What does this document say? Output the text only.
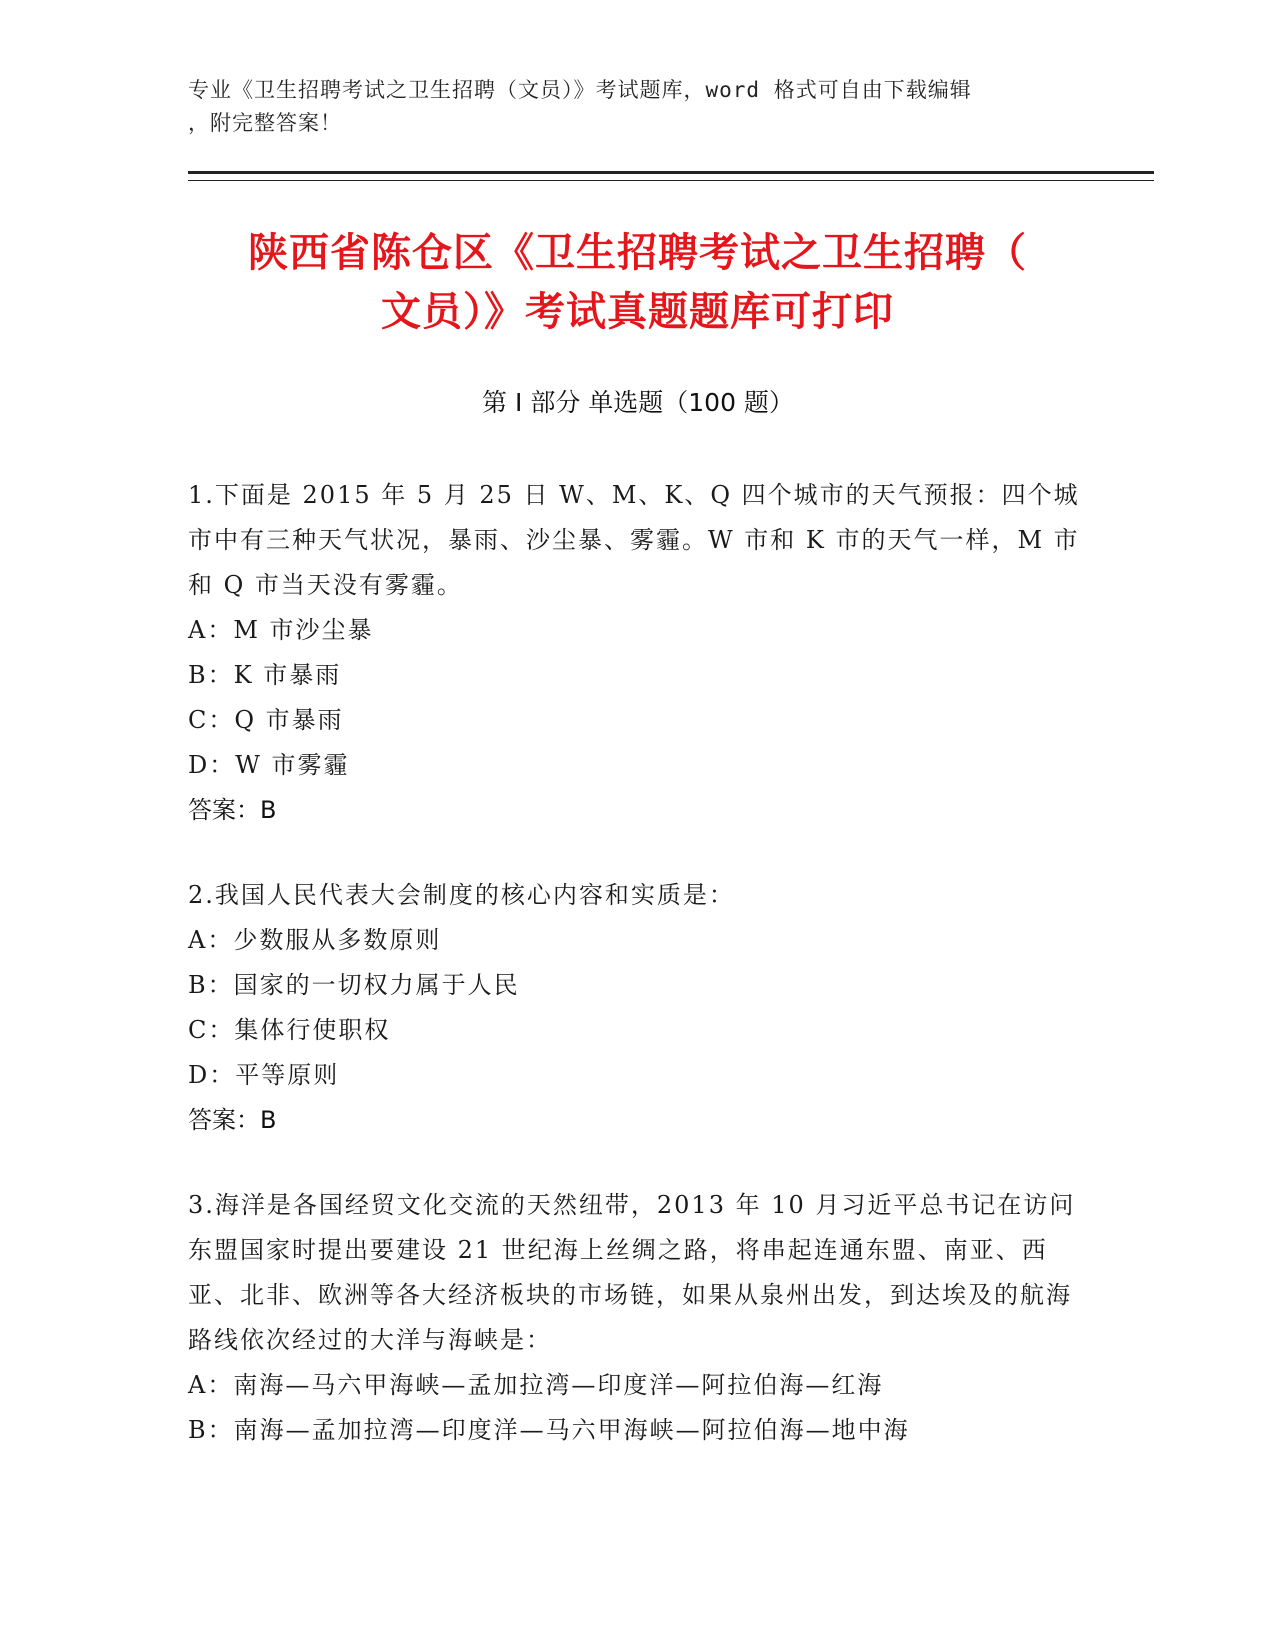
专业《卫生招聘考试之卫生招聘（文员）》考试题库，word 格式可自由下载编辑
，附完整答案！
陕西省陈仓区《卫生招聘考试之卫生招聘（
文员）》考试真题题库可打印
第 I 部分 单选题（100 题）
1.下面是 2015 年 5 月 25 日 W、M、K、Q 四个城市的天气预报：四个城市中有三种天气状况，暴雨、沙尘暴、雾霾。W 市和 K 市的天气一样，M 市和 Q 市当天没有雾霾。
A：M 市沙尘暴
B：K 市暴雨
C：Q 市暴雨
D：W 市雾霾
答案：B
2.我国人民代表大会制度的核心内容和实质是：
A：少数服从多数原则
B：国家的一切权力属于人民
C：集体行使职权
D：平等原则
答案：B
3.海洋是各国经贸文化交流的天然纽带，2013 年 10 月习近平总书记在访问东盟国家时提出要建设 21 世纪海上丝绸之路，将串起连通东盟、南亚、西亚、北非、欧洲等各大经济板块的市场链，如果从泉州出发，到达埃及的航海路线依次经过的大洋与海峡是：
A：南海—马六甲海峡—孟加拉湾—印度洋—阿拉伯海—红海
B：南海—孟加拉湾—印度洋—马六甲海峡—阿拉伯海—地中海
